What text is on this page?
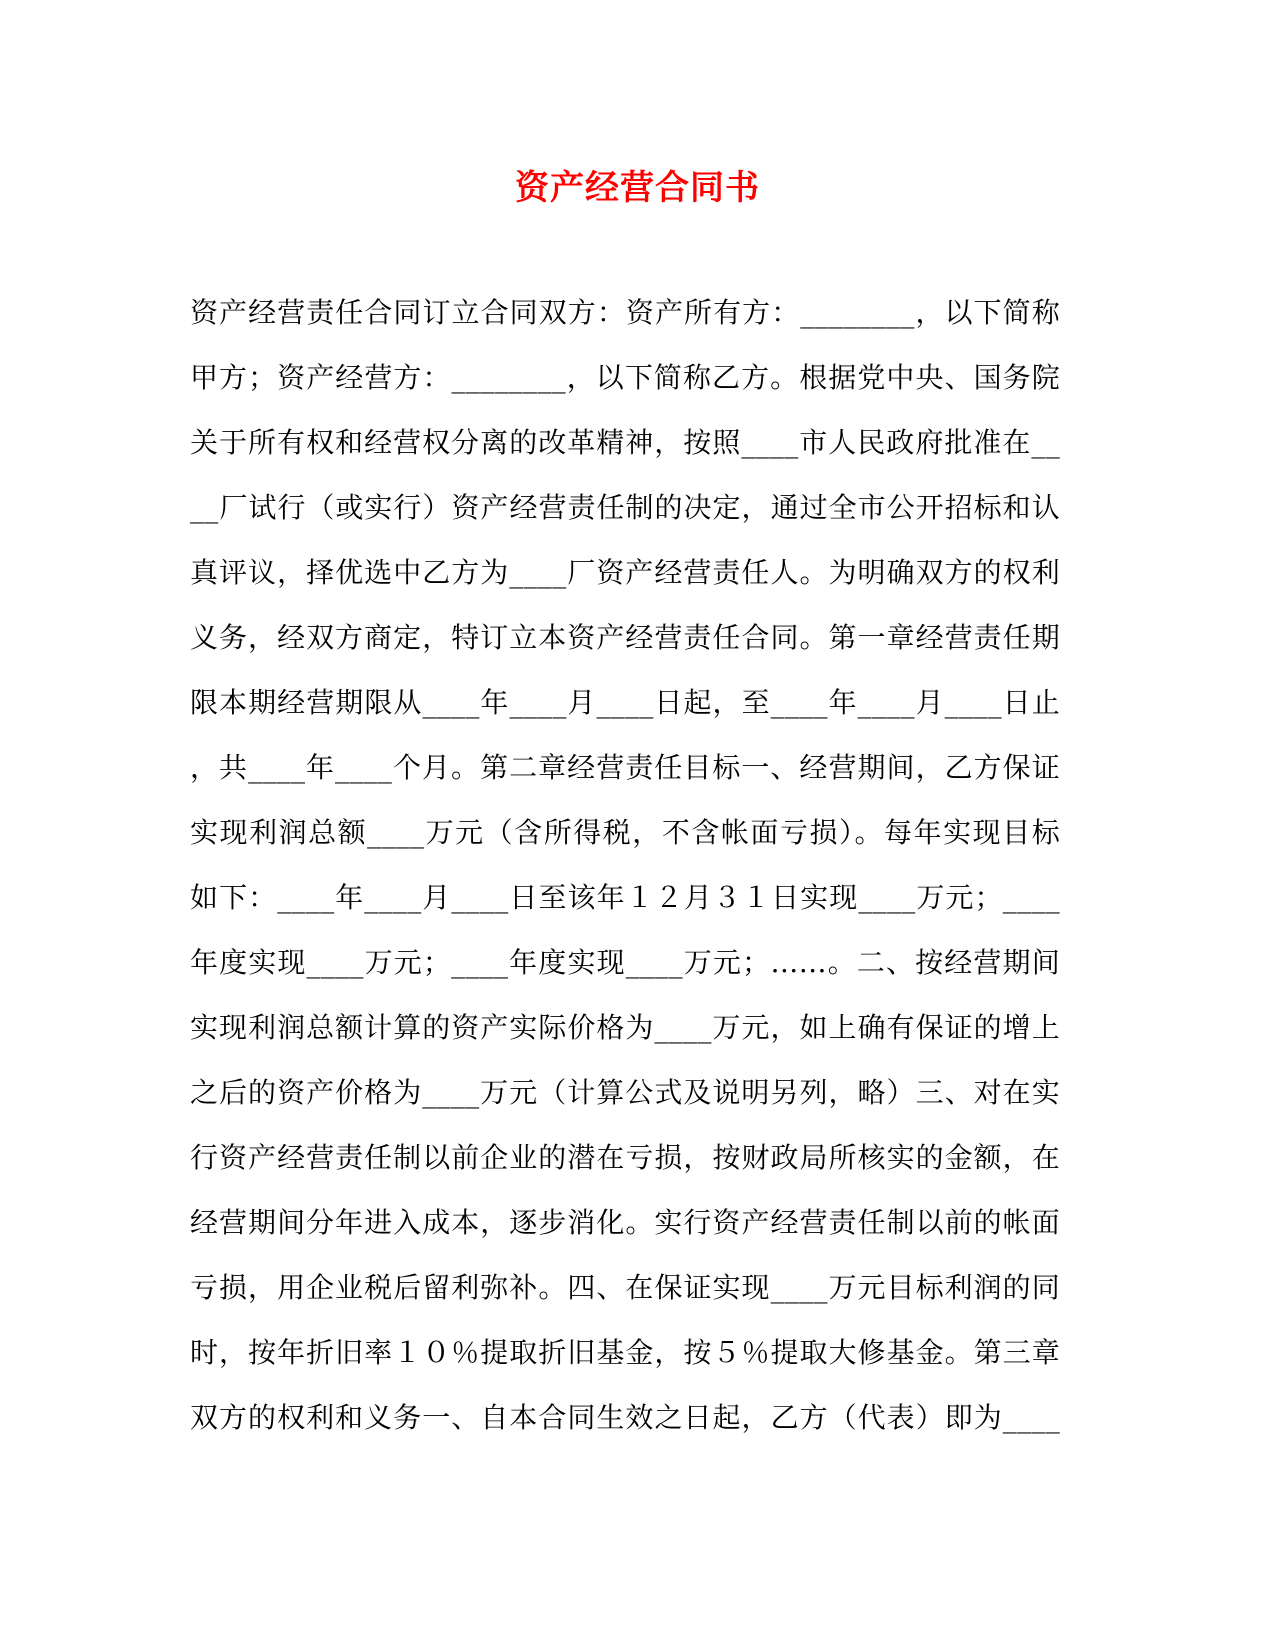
资产经营合同书
资产经营责任合同订立合同双方：资产所有方：________，以下简称
甲方；资产经营方：________，以下简称乙方。根据党中央、国务院
关于所有权和经营权分离的改革精神，按照____市人民政府批准在__
__厂试行（或实行）资产经营责任制的决定，通过全市公开招标和认
真评议，择优选中乙方为____厂资产经营责任人。为明确双方的权利
义务，经双方商定，特订立本资产经营责任合同。第一章经营责任期
限本期经营期限从____年____月____日起，至____年____月____日止
，共____年____个月。第二章经营责任目标一、经营期间，乙方保证
实现利润总额____万元（含所得税，不含帐面亏损）。每年实现目标
如下：____年____月____日至该年１２月３１日实现____万元；____
年度实现____万元；____年度实现____万元；……。二、按经营期间
实现利润总额计算的资产实际价格为____万元，如上确有保证的增上
之后的资产价格为____万元（计算公式及说明另列，略）三、对在实
行资产经营责任制以前企业的潜在亏损，按财政局所核实的金额，在
经营期间分年进入成本，逐步消化。实行资产经营责任制以前的帐面
亏损，用企业税后留利弥补。四、在保证实现____万元目标利润的同
时，按年折旧率１０％提取折旧基金，按５％提取大修基金。第三章
双方的权利和义务一、自本合同生效之日起，乙方（代表）即为____
